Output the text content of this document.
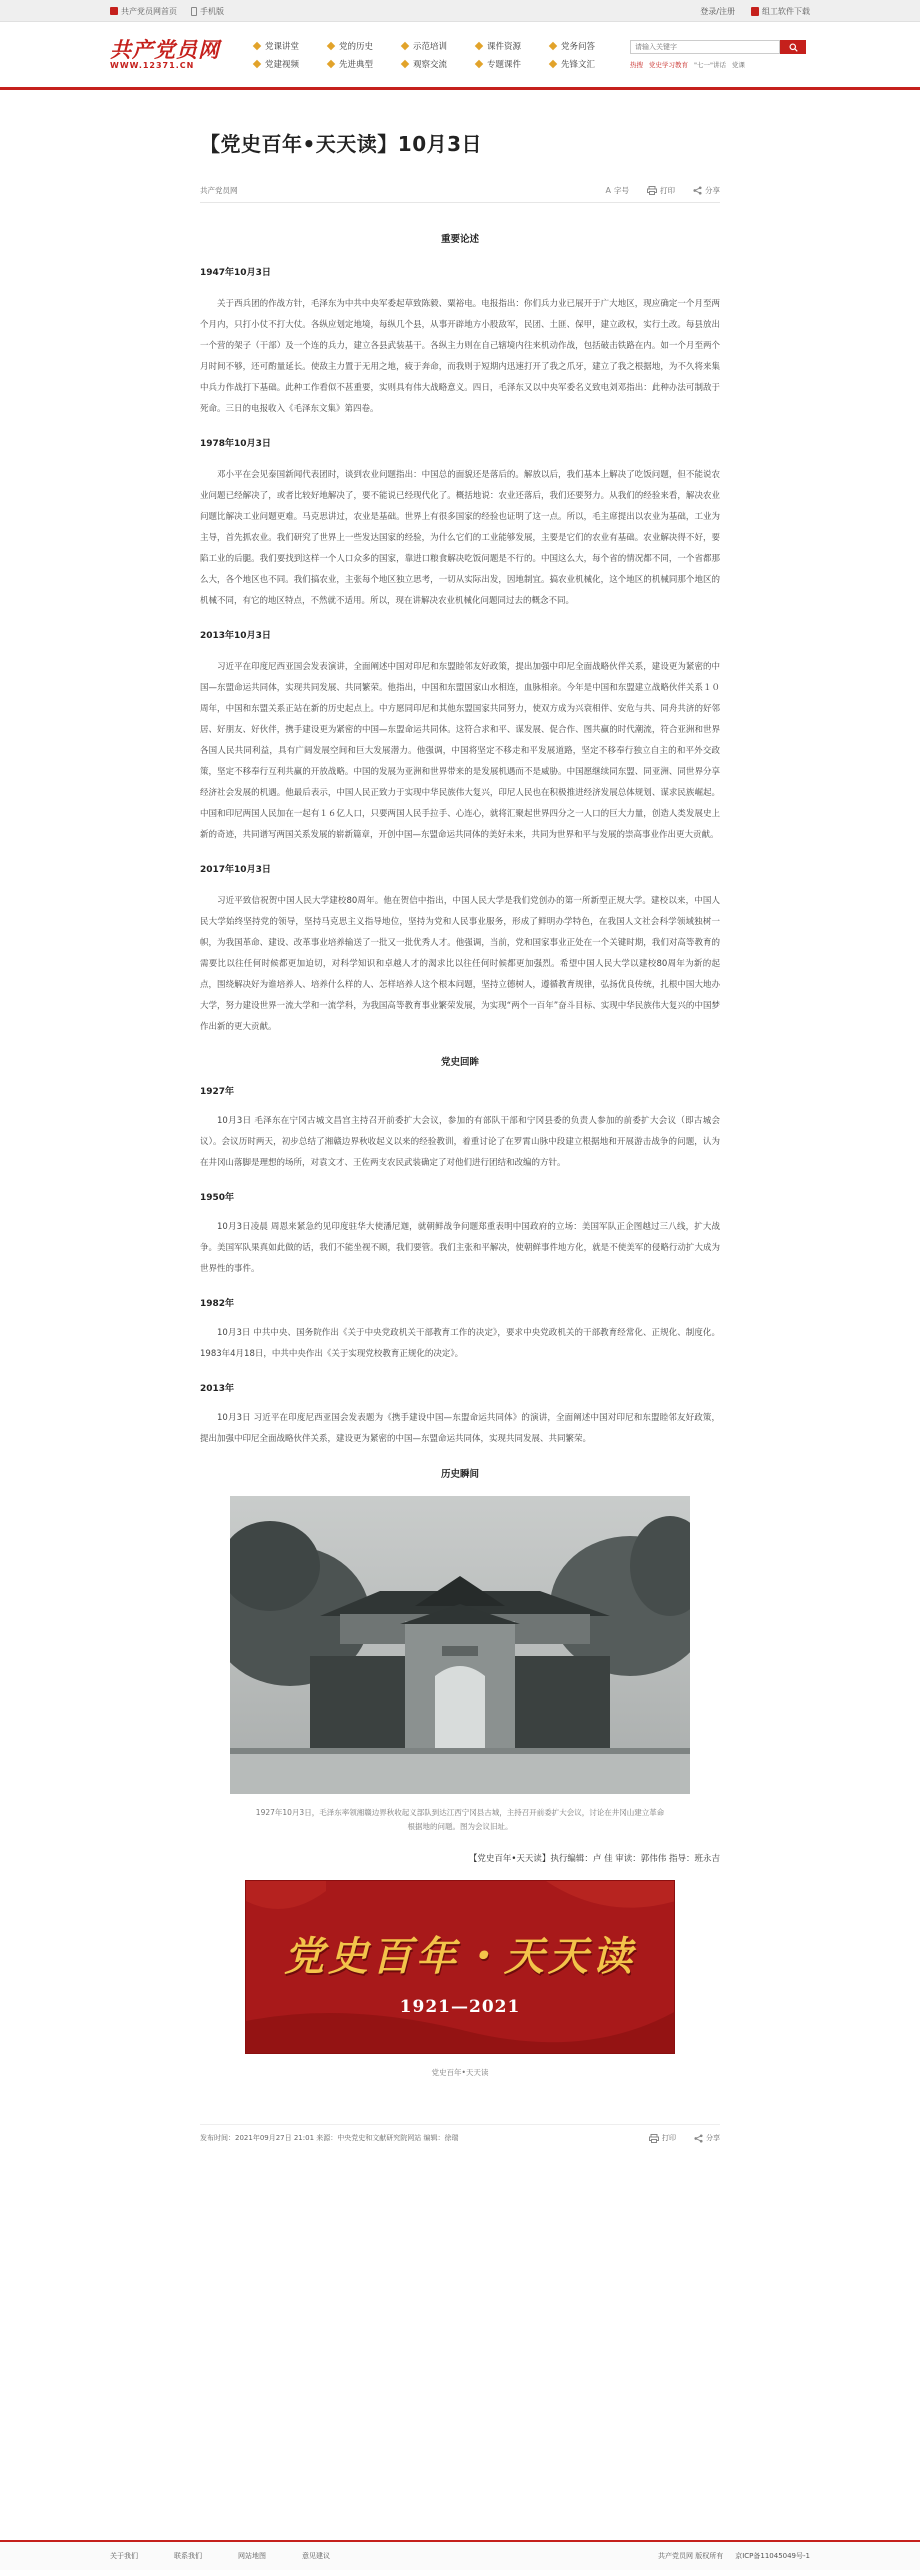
共产党员网首页	手机版	登录/注册	组工软件下载
共产党员网
WWW.12371.CN
党课讲堂	党的历史	示范培训	课件资源	党务问答
党建视频	先进典型	观察交流	专题课件	先锋文汇
请输入关键字	热搜 党史学习教育 "七一"讲话 党课
【党史百年•天天读】10月3日
共产党员网	A 字号	打印	分享
重要论述
1947年10月3日

关于西兵团的作战方针，毛泽东为中共中央军委起草致陈毅、粟裕电。电报指出：你们兵力业已展开于广大地区，现应确定一个月至两个月内，只打小仗不打大仗。各纵应划定地境，每纵几个县，从事开辟地方小股敌军，民团、土匪、保甲，建立政权，实行土改。每县放出一个营的架子（干部）及一个连的兵力，建立各县武装基干。各纵主力则在自己辖境内往来机动作战，包括破击铁路在内。如一个月至两个月时间不够，还可酌量延长。使敌主力置于无用之地，疲于奔命，而我则于短期内迅速打开了我之爪牙，建立了我之根据地，为不久将来集中兵力作战打下基础。此种工作看似不甚重要，实则具有伟大战略意义。四日，毛泽东又以中央军委名义致电刘邓指出：此种办法可制敌于死命。三日的电报收入《毛泽东文集》第四卷。

1978年10月3日

邓小平在会见泰国新闻代表团时，谈到农业问题指出：中国总的面貌还是落后的。解放以后，我们基本上解决了吃饭问题，但不能说农业问题已经解决了，或者比较好地解决了，要不能说已经现代化了。概括地说：农业还落后，我们还要努力。从我们的经验来看，解决农业问题比解决工业问题更难。马克思讲过，农业是基础。世界上有很多国家的经验也证明了这一点。所以，毛主席提出以农业为基础，工业为主导，首先抓农业。我们研究了世界上一些发达国家的经验，为什么它们的工业能够发展，主要是它们的农业有基础。农业解决得不好，要陷工业的后腿。我们要找到这样一个人口众多的国家，靠进口粮食解决吃饭问题是不行的。中国这么大，每个省的情况都不同，一个省都那么大，各个地区也不同。我们搞农业，主张每个地区独立思考，一切从实际出发，因地制宜。搞农业机械化，这个地区的机械同那个地区的机械不同，有它的地区特点，不然就不适用。所以，现在讲解决农业机械化问题同过去的概念不同。

2013年10月3日

习近平在印度尼西亚国会发表演讲，全面阐述中国对印尼和东盟睦邻友好政策，提出加强中印尼全面战略伙伴关系，建设更为紧密的中国—东盟命运共同体，实现共同发展、共同繁荣。他指出，中国和东盟国家山水相连，血脉相亲。今年是中国和东盟建立战略伙伴关系１０周年，中国和东盟关系正站在新的历史起点上。中方愿同印尼和其他东盟国家共同努力，使双方成为兴衰相伴、安危与共、同舟共济的好邻居、好朋友、好伙伴，携手建设更为紧密的中国—东盟命运共同体。这符合求和平、谋发展、促合作、图共赢的时代潮流，符合亚洲和世界各国人民共同利益，具有广阔发展空间和巨大发展潜力。他强调，中国将坚定不移走和平发展道路，坚定不移奉行独立自主的和平外交政策，坚定不移奉行互利共赢的开放战略。中国的发展为亚洲和世界带来的是发展机遇而不是威胁。中国愿继续同东盟、同亚洲、同世界分享经济社会发展的机遇。他最后表示，中国人民正致力于实现中华民族伟大复兴，印尼人民也在积极推进经济发展总体规划、谋求民族崛起。中国和印尼两国人民加在一起有１６亿人口，只要两国人民手拉手、心连心，就将汇聚起世界四分之一人口的巨大力量，创造人类发展史上新的奇迹，共同谱写两国关系发展的崭新篇章，开创中国—东盟命运共同体的美好未来，共同为世界和平与发展的崇高事业作出更大贡献。

2017年10月3日

习近平致信祝贺中国人民大学建校80周年。他在贺信中指出，中国人民大学是我们党创办的第一所新型正规大学。建校以来，中国人民大学始终坚持党的领导，坚持马克思主义指导地位，坚持为党和人民事业服务，形成了鲜明办学特色，在我国人文社会科学领域独树一帜，为我国革命、建设、改革事业培养输送了一批又一批优秀人才。他强调，当前，党和国家事业正处在一个关键时期，我们对高等教育的需要比以往任何时候都更加迫切，对科学知识和卓越人才的渴求比以往任何时候都更加强烈。希望中国人民大学以建校80周年为新的起点，围绕解决好为谁培养人、培养什么样的人、怎样培养人这个根本问题，坚持立德树人，遵循教育规律，弘扬优良传统，扎根中国大地办大学，努力建设世界一流大学和一流学科，为我国高等教育事业繁荣发展，为实现“两个一百年”奋斗目标、实现中华民族伟大复兴的中国梦作出新的更大贡献。

党史回眸
1927年

10月3日 毛泽东在宁冈古城文昌宫主持召开前委扩大会议，参加的有部队干部和宁冈县委的负责人参加的前委扩大会议（即古城会议）。会议历时两天，初步总结了湘赣边界秋收起义以来的经验教训，着重讨论了在罗霄山脉中段建立根据地和开展游击战争的问题，认为在井冈山落脚是理想的场所，对袁文才、王佐两支农民武装确定了对他们进行团结和改编的方针。

1950年

10月3日凌晨 周恩来紧急约见印度驻华大使潘尼迦，就朝鲜战争问题郑重表明中国政府的立场：美国军队正企图越过三八线，扩大战争。美国军队果真如此做的话，我们不能坐视不顾，我们要管。我们主张和平解决，使朝鲜事件地方化，就是不使美军的侵略行动扩大成为世界性的事件。

1982年

10月3日 中共中央、国务院作出《关于中央党政机关干部教育工作的决定》，要求中央党政机关的干部教育经常化、正规化、制度化。1983年4月18日，中共中央作出《关于实现党校教育正规化的决定》。

2013年

10月3日 习近平在印度尼西亚国会发表题为《携手建设中国—东盟命运共同体》的演讲，全面阐述中国对印尼和东盟睦邻友好政策，提出加强中印尼全面战略伙伴关系，建设更为紧密的中国—东盟命运共同体，实现共同发展、共同繁荣。

历史瞬间

1927年10月3日，毛泽东率领湘赣边界秋收起义部队到达江西宁冈县古城，主持召开前委扩大会议，讨论在井冈山建立革命根据地的问题。图为会议旧址。

【党史百年•天天读】执行编辑：卢 佳 审读：郭伟伟 指导：班永吉

党史百年・天天读
1921—2021

党史百年•天天读

发布时间：2021年09月27日 21:01 来源：中央党史和文献研究院网站 编辑：徐瑞	打印	分享
关于我们	联系我们	网站地图	意见建议	共产党员网 版权所有 京ICP备11045049号-1
